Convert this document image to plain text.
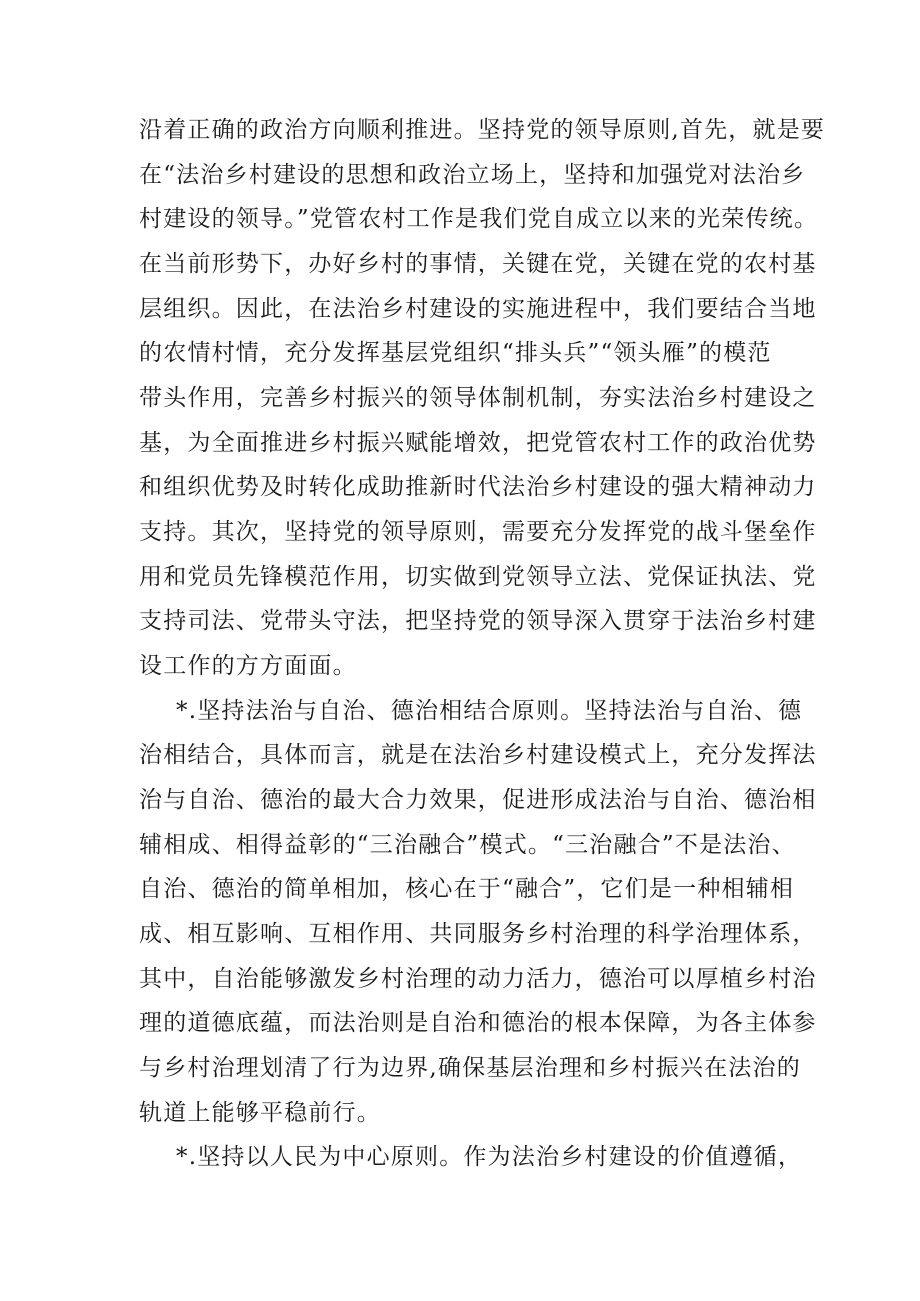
沿着正确的政治方向顺利推进。坚持党的领导原则,首先，就是要
在“法治乡村建设的思想和政治立场上，坚持和加强党对法治乡
村建设的领导。”党管农村工作是我们党自成立以来的光荣传统。
在当前形势下，办好乡村的事情，关键在党，关键在党的农村基
层组织。因此，在法治乡村建设的实施进程中，我们要结合当地
的农情村情，充分发挥基层党组织“排头兵”“领头雁”的模范
带头作用，完善乡村振兴的领导体制机制，夯实法治乡村建设之
基，为全面推进乡村振兴赋能增效，把党管农村工作的政治优势
和组织优势及时转化成助推新时代法治乡村建设的强大精神动力
支持。其次，坚持党的领导原则，需要充分发挥党的战斗堡垒作
用和党员先锋模范作用，切实做到党领导立法、党保证执法、党
支持司法、党带头守法，把坚持党的领导深入贯穿于法治乡村建
设工作的方方面面。
*.坚持法治与自治、德治相结合原则。坚持法治与自治、德
治相结合，具体而言，就是在法治乡村建设模式上，充分发挥法
治与自治、德治的最大合力效果，促进形成法治与自治、德治相
辅相成、相得益彰的“三治融合”模式。“三治融合”不是法治、
自治、德治的简单相加，核心在于“融合”，它们是一种相辅相
成、相互影响、互相作用、共同服务乡村治理的科学治理体系，
其中，自治能够激发乡村治理的动力活力，德治可以厚植乡村治
理的道德底蕴，而法治则是自治和德治的根本保障，为各主体参
与乡村治理划清了行为边界,确保基层治理和乡村振兴在法治的
轨道上能够平稳前行。
*.坚持以人民为中心原则。作为法治乡村建设的价值遵循，
